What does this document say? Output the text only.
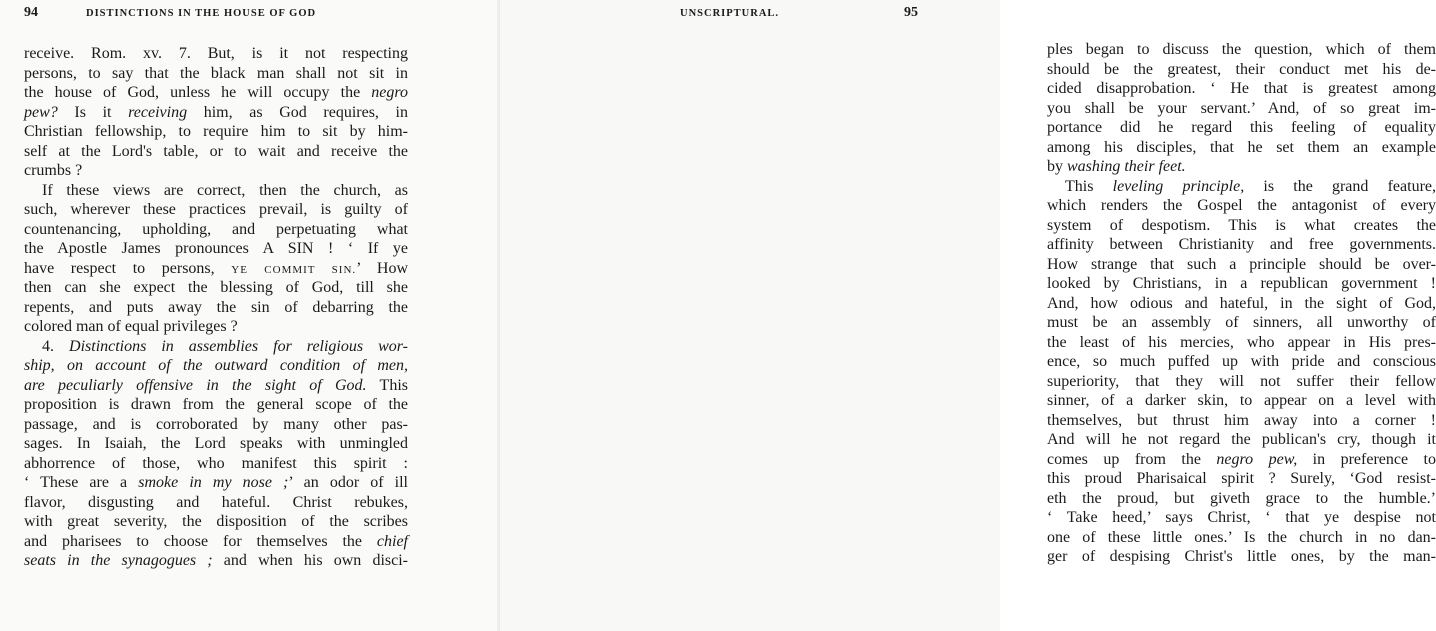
94	DISTINCTIONS IN THE HOUSE OF GOD
receive. Rom. xv. 7. But, is it not respecting
persons, to say that the black man shall not sit in
the house of God, unless he will occupy the negro
pew? Is it receiving him, as God requires, in
Christian fellowship, to require him to sit by him-
self at the Lord's table, or to wait and receive the
crumbs ?
If these views are correct, then the church, as
such, wherever these practices prevail, is guilty of
countenancing, upholding, and perpetuating what
the Apostle James pronounces A SIN ! ‘ If ye
have respect to persons, YE COMMIT SIN.’ How
then can she expect the blessing of God, till she
repents, and puts away the sin of debarring the
colored man of equal privileges ?
4. Distinctions in assemblies for religious wor-
ship, on account of the outward condition of men,
are peculiarly offensive in the sight of God. This
proposition is drawn from the general scope of the
passage, and is corroborated by many other pas-
sages. In Isaiah, the Lord speaks with unmingled
abhorrence of those, who manifest this spirit :
‘ These are a smoke in my nose ;’ an odor of ill
flavor, disgusting and hateful. Christ rebukes,
with great severity, the disposition of the scribes
and pharisees to choose for themselves the chief
seats in the synagogues ; and when his own disci-
UNSCRIPTURAL.	95
ples began to discuss the question, which of them
should be the greatest, their conduct met his de-
cided disapprobation. ‘ He that is greatest among
you shall be your servant.’ And, of so great im-
portance did he regard this feeling of equality
among his disciples, that he set them an example
by washing their feet.
This leveling principle, is the grand feature,
which renders the Gospel the antagonist of every
system of despotism. This is what creates the
affinity between Christianity and free governments.
How strange that such a principle should be over-
looked by Christians, in a republican government !
And, how odious and hateful, in the sight of God,
must be an assembly of sinners, all unworthy of
the least of his mercies, who appear in His pres-
ence, so much puffed up with pride and conscious
superiority, that they will not suffer their fellow
sinner, of a darker skin, to appear on a level with
themselves, but thrust him away into a corner !
And will he not regard the publican's cry, though it
comes up from the negro pew, in preference to
this proud Pharisaical spirit ? Surely, ‘God resist-
eth the proud, but giveth grace to the humble.’
‘ Take heed,’ says Christ, ‘ that ye despise not
one of these little ones.’ Is the church in no dan-
ger of despising Christ's little ones, by the man-
